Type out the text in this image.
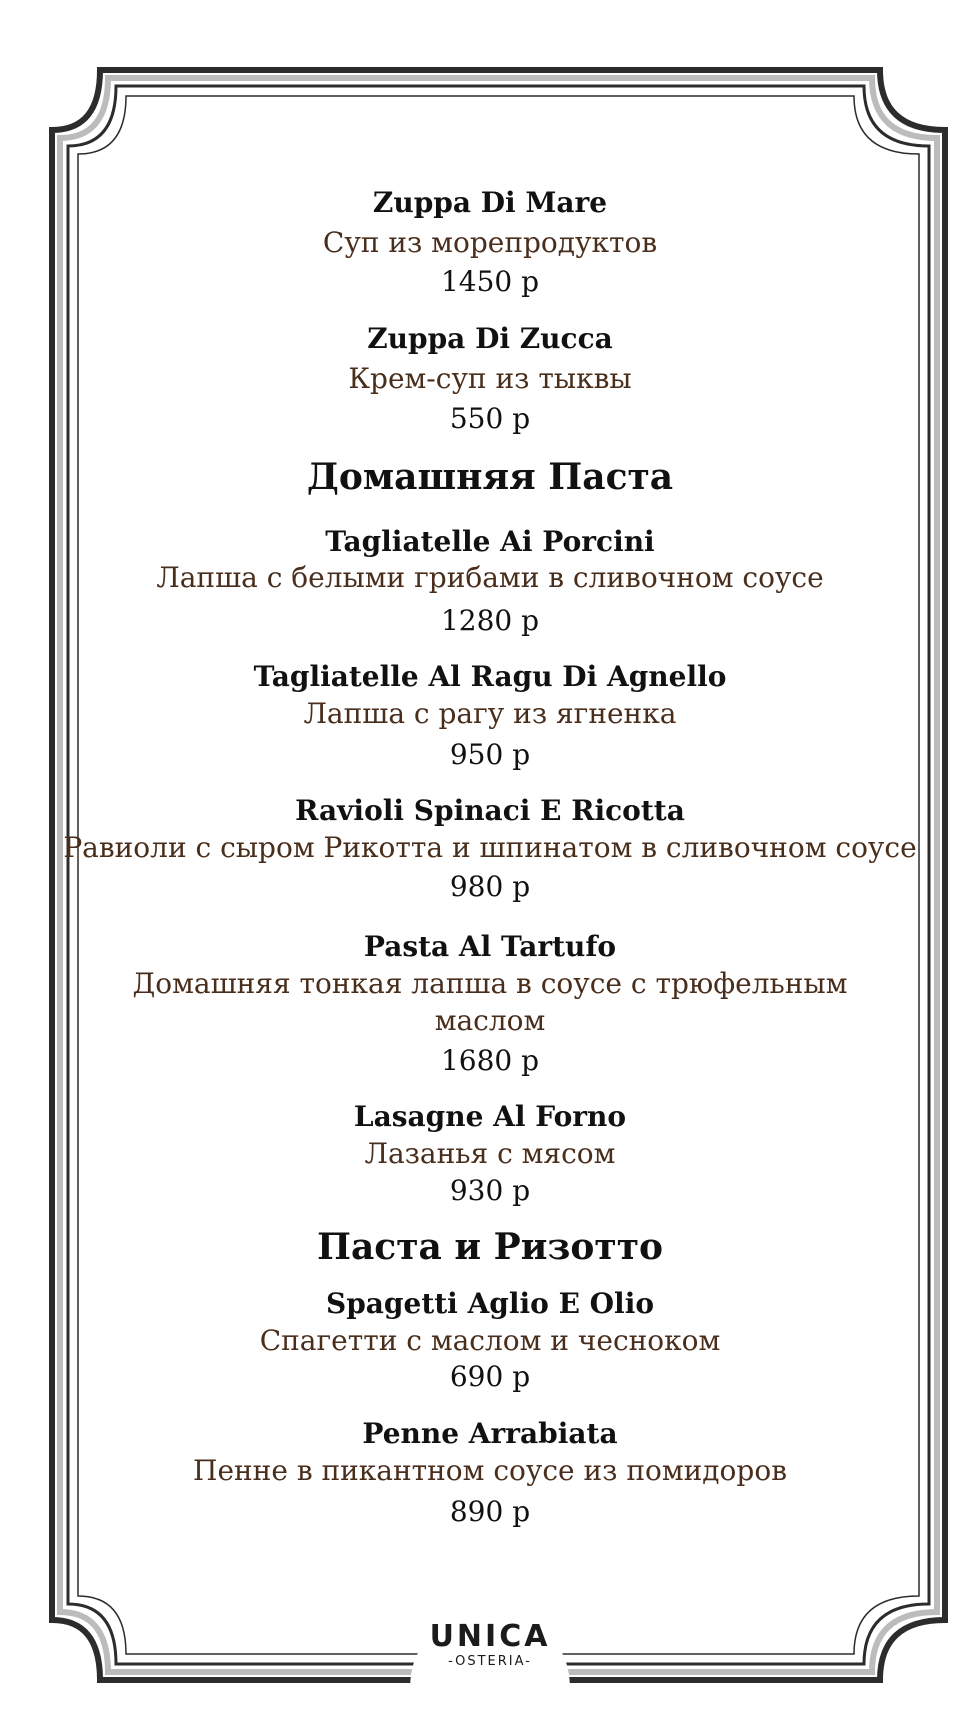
Zuppa Di Mare
Суп из морепродуктов
1450 р
Zuppa Di Zucca
Крем-суп из тыквы
550 р
Домашняя Паста
Tagliatelle Ai Porcini
Лапша с белыми грибами в сливочном соусе
1280 р
Tagliatelle Al Ragu Di Agnello
Лапша с рагу из ягненка
950 р
Ravioli Spinaci E Ricotta
Равиоли с сыром Рикотта и шпинатом в сливочном соусе
980 р
Pasta Al Tartufo
Домашняя тонкая лапша в соусе с трюфельным
маслом
1680 р
Lasagne Al Forno
Лазанья с мясом
930 р
Паста и Ризотто
Spagetti Aglio E Olio
Спагетти с маслом и чесноком
690 р
Penne Arrabiata
Пенне в пикантном соусе из помидоров
890 р
UNICA
-OSTERIA-
